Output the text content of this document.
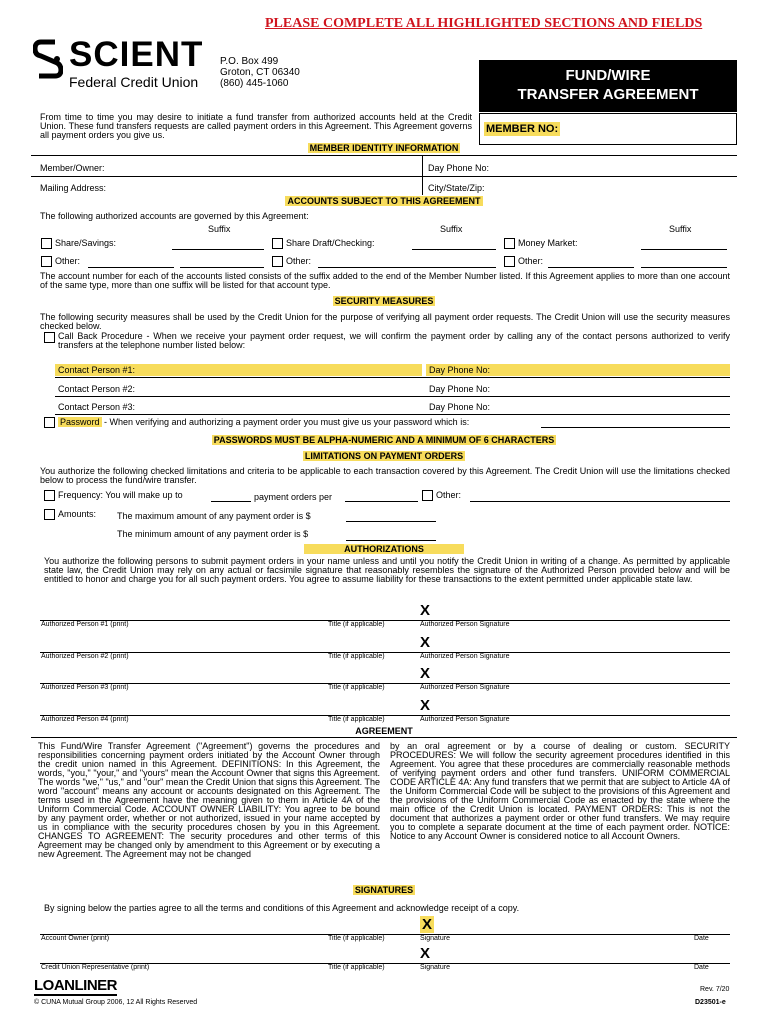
PLEASE COMPLETE ALL HIGHLIGHTED SECTIONS AND FIELDS
SCIENT
Federal Credit Union
P.O. Box 499
Groton, CT 06340
(860) 445-1060	FUND/WIRE
TRANSFER AGREEMENT
From time to time you may desire to initiate a fund transfer from authorized accounts held at the Credit Union. These fund transfers requests are called payment orders in this Agreement. This Agreement governs all payment orders you give us.	MEMBER NO:
MEMBER IDENTITY INFORMATION
Member/Owner:	Day Phone No:
Mailing Address:	City/State/Zip:
ACCOUNTS SUBJECT TO THIS AGREEMENT
The following authorized accounts are governed by this Agreement:
Suffix	Suffix	Suffix
Share/Savings:	Share Draft/Checking:	Money Market:
Other:	Other:	Other:
The account number for each of the accounts listed consists of the suffix added to the end of the Member Number listed. If this Agreement applies to more than one account of the same type, more than one suffix will be listed for that account type.
SECURITY MEASURES
The following security measures shall be used by the Credit Union for the purpose of verifying all payment order requests. The Credit Union will use the security measures checked below.
Call Back Procedure - When we receive your payment order request, we will confirm the payment order by calling any of the contact persons authorized to verify transfers at the telephone number listed below:
Contact Person #1:	Day Phone No:
Contact Person #2:	Day Phone No:
Contact Person #3:	Day Phone No:
Password - When verifying and authorizing a payment order you must give us your password which is:
PASSWORDS MUST BE ALPHA-NUMERIC AND A MINIMUM OF 6 CHARACTERS
LIMITATIONS ON PAYMENT ORDERS
You authorize the following checked limitations and criteria to be applicable to each transaction covered by this Agreement. The Credit Union will use the limitations checked below to process the fund/wire transfer.
Frequency: You will make up to	payment orders per	Other:
Amounts: The maximum amount of any payment order is $
The minimum amount of any payment order is $
AUTHORIZATIONS
You authorize the following persons to submit payment orders in your name unless and until you notify the Credit Union in writing of a change. As permitted by applicable state law, the Credit Union may rely on any actual or facsimile signature that reasonably resembles the signature of the Authorized Person provided below and will be entitled to honor and charge you for all such payment orders. You agree to assume liability for these transactions to the extent permitted under applicable state law.
X
Authorized Person #1 (print)	Title (if applicable)	Authorized Person Signature
X
Authorized Person #2 (print)	Title (if applicable)	Authorized Person Signature
X
Authorized Person #3 (print)	Title (if applicable)	Authorized Person Signature
X
Authorized Person #4 (print)	Title (if applicable)	Authorized Person Signature
AGREEMENT
This Fund/Wire Transfer Agreement ("Agreement") governs the procedures and responsibilities concerning payment orders initiated by the Account Owner through the credit union named in this Agreement. DEFINITIONS: In this Agreement, the words, "you," "your," and "yours" mean the Account Owner that signs this Agreement. The words "we," "us," and "our" mean the Credit Union that signs this Agreement. The word "account" means any account or accounts designated on this Agreement. The terms used in the Agreement have the meaning given to them in Article 4A of the Uniform Commercial Code. ACCOUNT OWNER LIABILITY: You agree to be bound by any payment order, whether or not authorized, issued in your name accepted by us in compliance with the security procedures chosen by you in this Agreement. CHANGES TO AGREEMENT: The security procedures and other terms of this Agreement may be changed only by amendment to this Agreement or by executing a new Agreement. The Agreement may not be changed
by an oral agreement or by a course of dealing or custom. SECURITY PROCEDURES: We will follow the security agreement procedures identified in this Agreement. You agree that these procedures are commercially reasonable methods of verifying payment orders and other fund transfers. UNIFORM COMMERCIAL CODE ARTICLE 4A: Any fund transfers that we permit that are subject to Article 4A of the Uniform Commercial Code will be subject to the provisions of this Agreement and the provisions of the Uniform Commercial Code as enacted by the state where the main office of the Credit Union is located. PAYMENT ORDERS: This is not the document that authorizes a payment order or other fund transfers. We may require you to complete a separate document at the time of each payment order. NOTICE: Notice to any Account Owner is considered notice to all Account Owners.
SIGNATURES
By signing below the parties agree to all the terms and conditions of this Agreement and acknowledge receipt of a copy.
X
Account Owner (print)	Title (if applicable)	Signature	Date
X
Credit Union Representative (print)	Title (if applicable)	Signature	Date
LOANLINER
© CUNA Mutual Group 2006, 12 All Rights Reserved
Rev. 7/20
D23501-e
